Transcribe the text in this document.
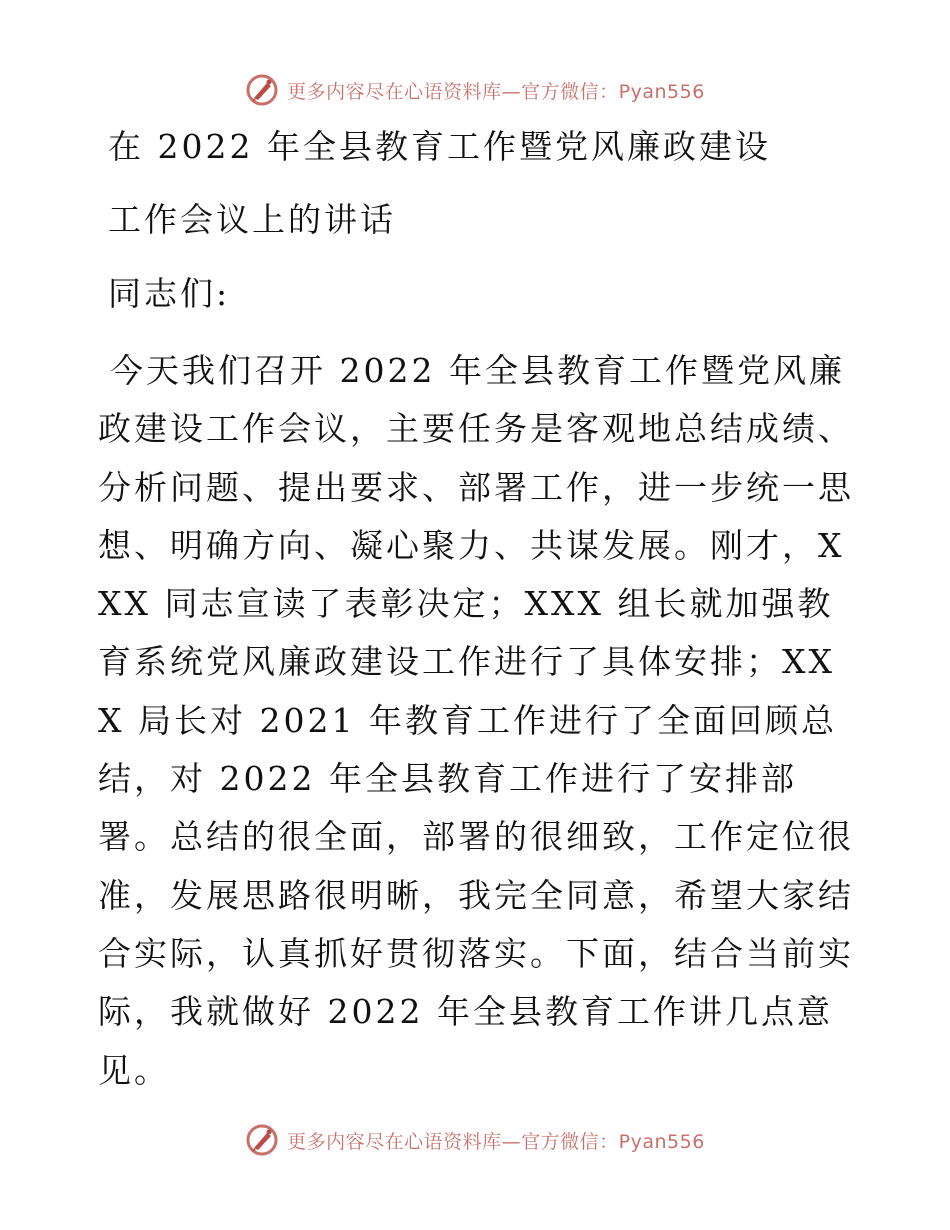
更多内容尽在心语资料库—官方微信：Pyan556

在 2022 年全县教育工作暨党风廉政建设

工作会议上的讲话

同志们:

今天我们召开 2022 年全县教育工作暨党风廉政建设工作会议，主要任务是客观地总结成绩、分析问题、提出要求、部署工作，进一步统一思想、明确方向、凝心聚力、共谋发展。刚才，XXX 同志宣读了表彰决定；XXX 组长就加强教育系统党风廉政建设工作进行了具体安排；XXX 局长对 2021 年教育工作进行了全面回顾总结，对 2022 年全县教育工作进行了安排部署。总结的很全面，部署的很细致，工作定位很准，发展思路很明晰，我完全同意，希望大家结合实际，认真抓好贯彻落实。下面，结合当前实际，我就做好 2022 年全县教育工作讲几点意见。

更多内容尽在心语资料库—官方微信：Pyan556
